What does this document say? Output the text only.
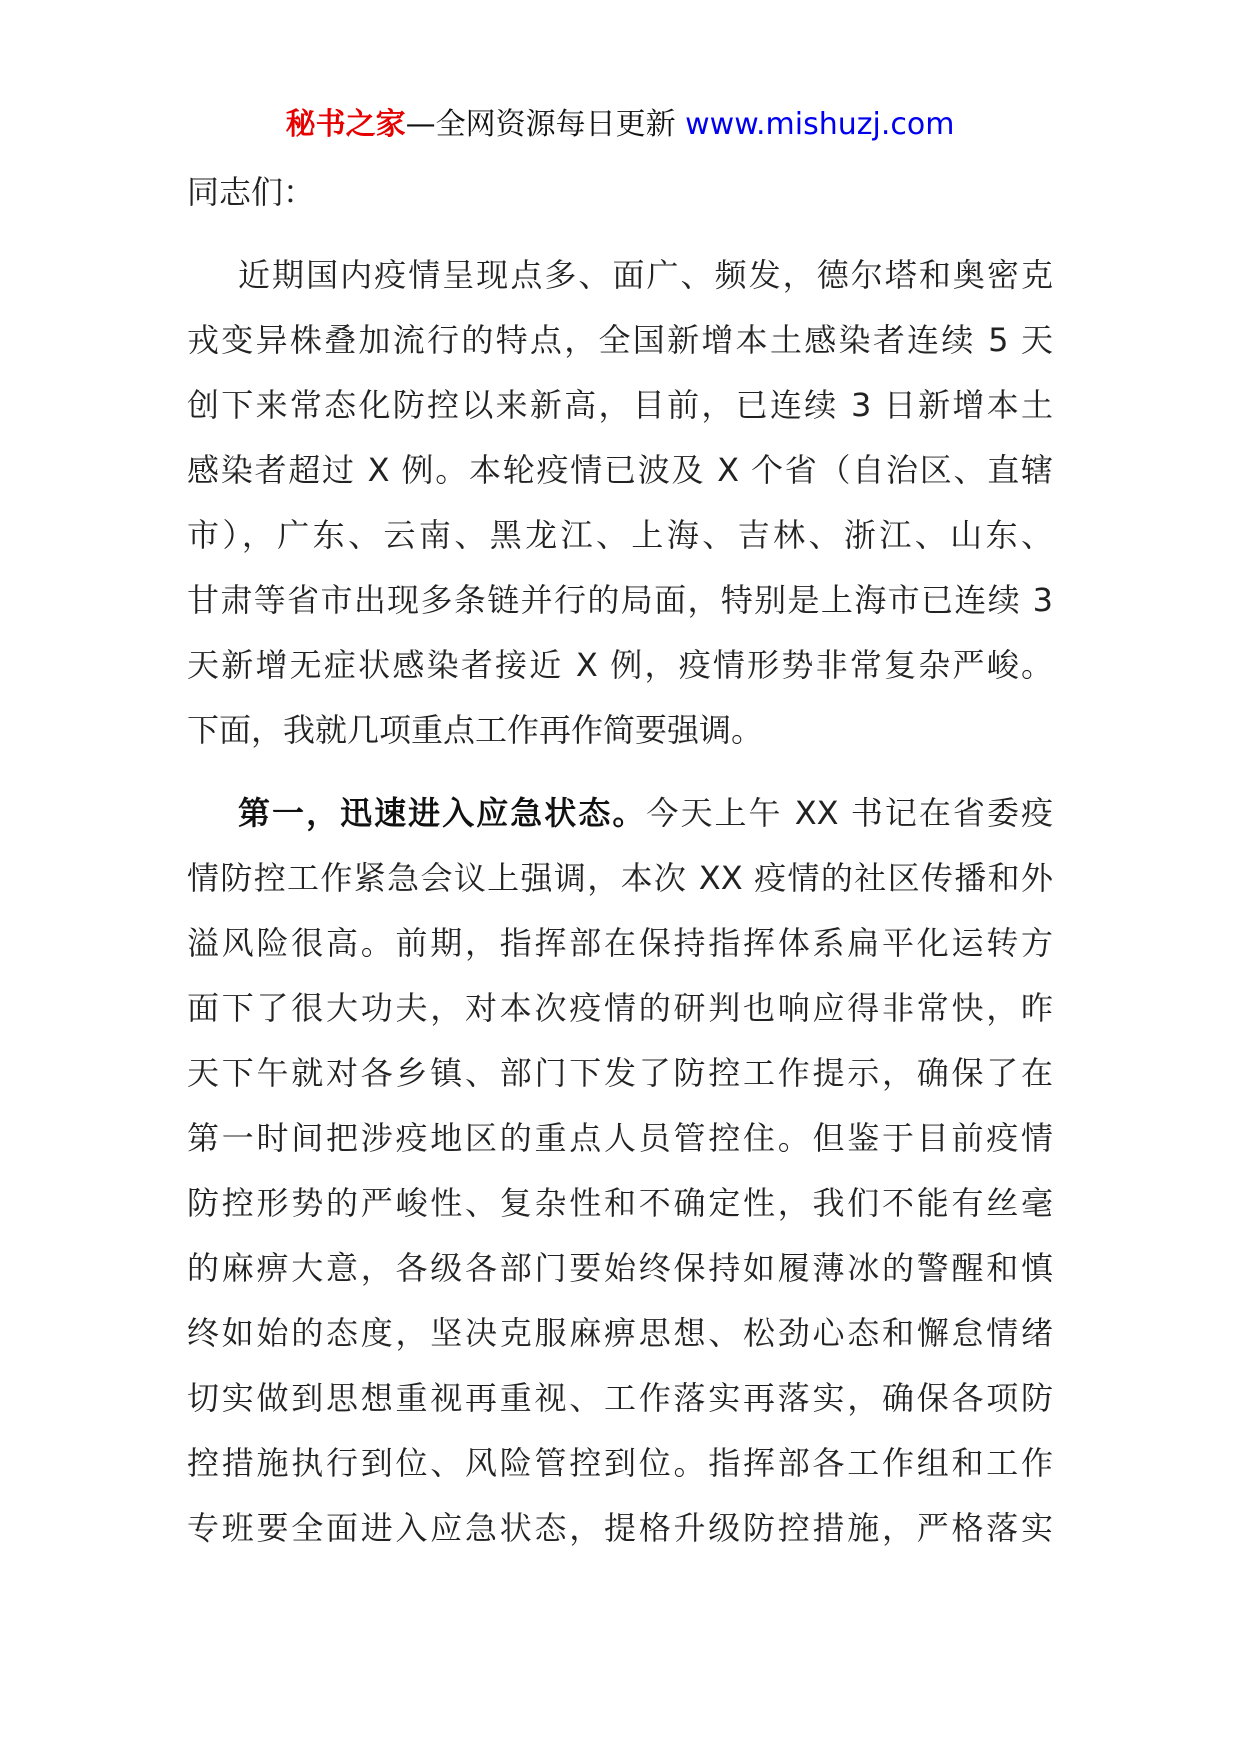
秘书之家—全网资源每日更新 www.mishuzj.com
同志们：
近期国内疫情呈现点多、面广、频发，德尔塔和奥密克
戎变异株叠加流行的特点，全国新增本土感染者连续 5 天
创下来常态化防控以来新高，目前，已连续 3 日新增本土
感染者超过 X 例。本轮疫情已波及 X 个省（自治区、直辖
市），广东、云南、黑龙江、上海、吉林、浙江、山东、
甘肃等省市出现多条链并行的局面，特别是上海市已连续 3
天新增无症状感染者接近 X 例，疫情形势非常复杂严峻。
下面，我就几项重点工作再作简要强调。
第一，迅速进入应急状态。今天上午 XX 书记在省委疫
情防控工作紧急会议上强调，本次 XX 疫情的社区传播和外
溢风险很高。前期，指挥部在保持指挥体系扁平化运转方
面下了很大功夫，对本次疫情的研判也响应得非常快，昨
天下午就对各乡镇、部门下发了防控工作提示，确保了在
第一时间把涉疫地区的重点人员管控住。但鉴于目前疫情
防控形势的严峻性、复杂性和不确定性，我们不能有丝毫
的麻痹大意，各级各部门要始终保持如履薄冰的警醒和慎
终如始的态度，坚决克服麻痹思想、松劲心态和懈怠情绪
切实做到思想重视再重视、工作落实再落实，确保各项防
控措施执行到位、风险管控到位。指挥部各工作组和工作
专班要全面进入应急状态，提格升级防控措施，严格落实
